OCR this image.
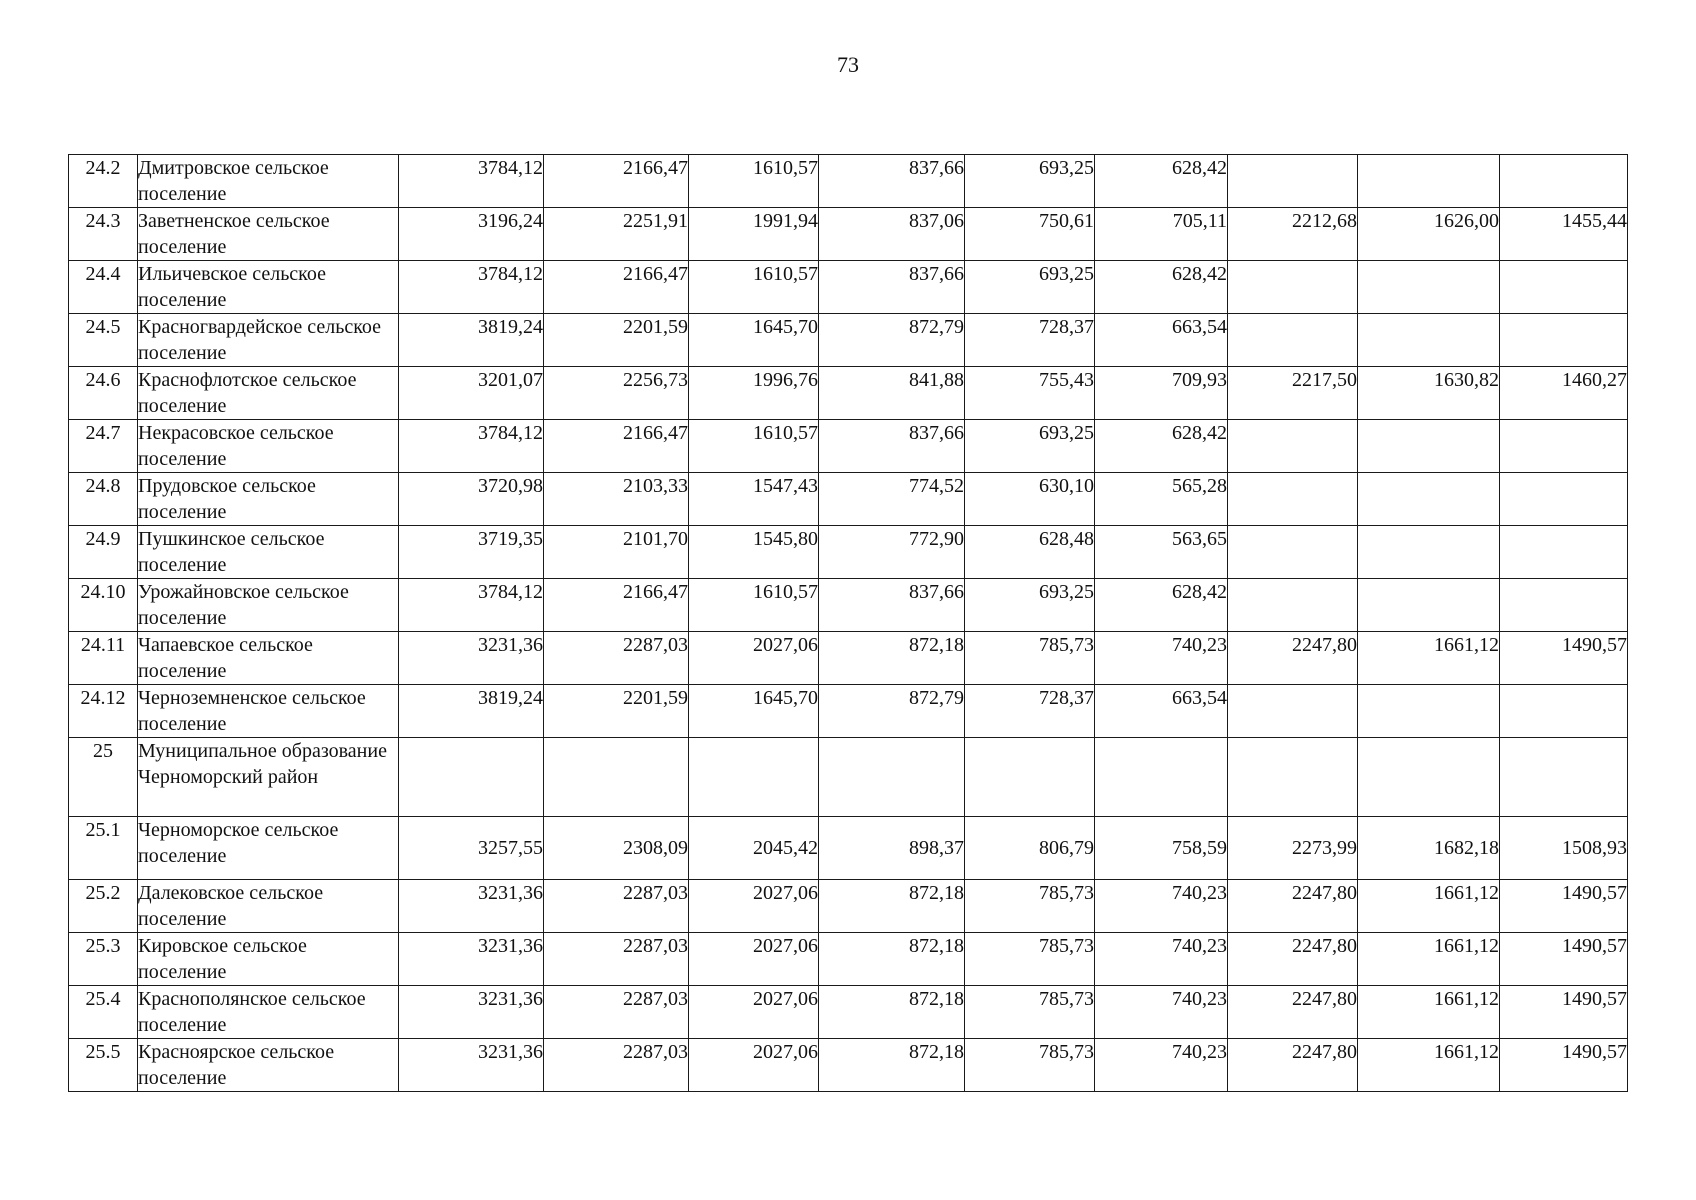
73
24.2	Дмитровское сельское поселение	3784,12	2166,47	1610,57	837,66	693,25	628,42			
24.3	Заветненское сельское поселение	3196,24	2251,91	1991,94	837,06	750,61	705,11	2212,68	1626,00	1455,44
24.4	Ильичевское сельское поселение	3784,12	2166,47	1610,57	837,66	693,25	628,42			
24.5	Красногвардейское сельское поселение	3819,24	2201,59	1645,70	872,79	728,37	663,54			
24.6	Краснофлотское сельское поселение	3201,07	2256,73	1996,76	841,88	755,43	709,93	2217,50	1630,82	1460,27
24.7	Некрасовское сельское поселение	3784,12	2166,47	1610,57	837,66	693,25	628,42			
24.8	Прудовское сельское поселение	3720,98	2103,33	1547,43	774,52	630,10	565,28			
24.9	Пушкинское сельское поселение	3719,35	2101,70	1545,80	772,90	628,48	563,65			
24.10	Урожайновское сельское поселение	3784,12	2166,47	1610,57	837,66	693,25	628,42			
24.11	Чапаевское сельское поселение	3231,36	2287,03	2027,06	872,18	785,73	740,23	2247,80	1661,12	1490,57
24.12	Черноземненское сельское поселение	3819,24	2201,59	1645,70	872,79	728,37	663,54			
25	Муниципальное образование Черноморский район									
25.1	Черноморское сельское поселение	3257,55	2308,09	2045,42	898,37	806,79	758,59	2273,99	1682,18	1508,93
25.2	Далековское сельское поселение	3231,36	2287,03	2027,06	872,18	785,73	740,23	2247,80	1661,12	1490,57
25.3	Кировское сельское поселение	3231,36	2287,03	2027,06	872,18	785,73	740,23	2247,80	1661,12	1490,57
25.4	Краснополянское сельское поселение	3231,36	2287,03	2027,06	872,18	785,73	740,23	2247,80	1661,12	1490,57
25.5	Красноярское сельское поселение	3231,36	2287,03	2027,06	872,18	785,73	740,23	2247,80	1661,12	1490,57
